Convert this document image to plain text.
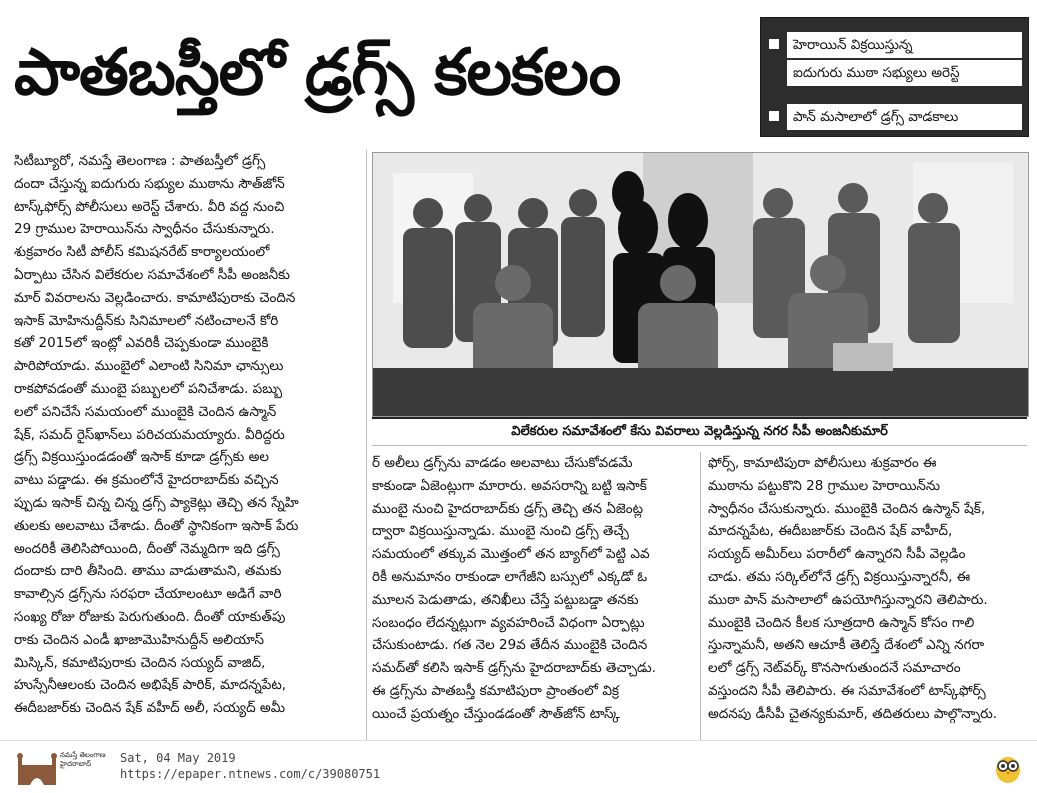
పాతబస్తీలో డ్రగ్స్ కలకలం	హెరాయిన్ విక్రయిస్తున్న
ఐదుగురు ముఠా సభ్యులు అరెస్ట్
పాన్ మసాలాలో డ్రగ్స్ వాడకాలు

సిటీబ్యూరో, నమస్తే తెలంగాణ : పాతబస్తీలో డ్రగ్స్

దందా చేస్తున్న ఐదుగురు సభ్యుల ముఠాను సౌత్‌జోన్

టాస్క్‌ఫోర్స్ పోలీసులు అరెస్ట్ చేశారు. వీరి వద్ద నుంచి

29 గ్రాముల హెరాయిన్‌ను స్వాధీనం చేసుకున్నారు.

శుక్రవారం సిటీ పోలీస్ కమిషనరేట్ కార్యాలయంలో

ఏర్పాటు చేసిన విలేకరుల సమావేశంలో సీపీ అంజనీకు

మార్ వివరాలను వెల్లడించారు. కామాటిపురాకు చెందిన

ఇసాక్ మోహినుద్దీన్‌కు సినిమాలలో నటించాలనే కోరి

కతో 2015లో ఇంట్లో ఎవరికీ చెప్పకుండా ముంబైకి

పారిపోయాడు. ముంబైలో ఎలాంటి సినిమా ఛాన్సులు

రాకపోవడంతో ముంబై పబ్బులలో పనిచేశాడు. పబ్బు

లలో పనిచేసే సమయంలో ముంబైకి చెందిన ఉస్మాన్

షేక్, సమద్ రైస్‌ఖాన్‌లు పరిచయమయ్యారు. వీరిద్దరు

డ్రగ్స్ విక్రయిస్తుండడంతో ఇసాక్ కూడా డ్రగ్స్‌కు అల

వాటు పడ్డాడు. ఈ క్రమంలోనే హైదరాబాద్‌కు వచ్చిన

ప్పుడు ఇసాక్ చిన్న చిన్న డ్రగ్స్ ప్యాకెట్లు తెచ్చి తన స్నేహి

తులకు అలవాటు చేశాడు. దీంతో స్థానికంగా ఇసాక్ పేరు

అందరికీ తెలిసిపోయింది, దీంతో నెమ్మదిగా ఇది డ్రగ్స్

దందాకు దారి తీసింది. తాము వాడుతామని, తమకు

కావాల్సిన డ్రగ్స్‌ను సరఫరా చేయాలంటూ అడిగే వారి

సంఖ్య రోజు రోజుకు పెరుగుతుంది. దీంతో యాకుత్‌పు

రాకు చెందిన ఎండీ ఖాజామొహినుద్దీన్ అలియాస్

మిస్కిన్, కమాటిపురాకు చెందిన సయ్యద్ వాజిద్,

హుస్సేనీఆలంకు చెందిన అభిషేక్ పారిక్, మాదన్నపేట,

ఈదీబజార్‌కు చెందిన షేక్ వహీద్ అలీ, సయ్యద్ అమీ

విలేకరుల సమావేశంలో కేసు వివరాలు వెల్లడిస్తున్న నగర సీపీ అంజనీకుమార్

ర్ అలీలు డ్రగ్స్‌ను వాడడం అలవాటు చేసుకోవడమే

కాకుండా ఏజెంట్లుగా మారారు. అవసరాన్ని బట్టి ఇసాక్

ముంబై నుంచి హైదరాబాద్‌కు డ్రగ్స్ తెచ్చి తన ఏజెంట్ల

ద్వారా విక్రయిస్తున్నాడు. ముంబై నుంచి డ్రగ్స్ తెచ్చే

సమయంలో తక్కువ మొత్తంలో తన బ్యాగ్‌లో పెట్టి ఎవ

రికీ అనుమానం రాకుండా లాగేజీని బస్సులో ఎక్కడో ఓ

మూలన పెడుతాడు, తనిఖీలు చేస్తే పట్టుబడ్డా తనకు

సంబంధం లేదన్నట్లుగా వ్యవహరించే విధంగా ఏర్పాట్లు

చేసుకుంటాడు. గత నెల 29వ తేదీన ముంబైకి చెందిన

సమద్‌తో కలిసి ఇసాక్ డ్రగ్స్‌ను హైదరాబాద్‌కు తెచ్చాడు.

ఈ డ్రగ్స్‌ను పాతబస్తీ కమాటిపురా ప్రాంతంలో విక్ర

యించే ప్రయత్నం చేస్తుండడంతో సౌత్‌జోన్ టాస్క్

ఫోర్స్, కామాటిపురా పోలీసులు శుక్రవారం ఈ

ముఠాను పట్టుకొని 28 గ్రాముల హెరాయిన్‌ను

స్వాధీనం చేసుకున్నారు. ముంబైకి చెందిన ఉస్మాన్ షేక్,

మాదన్నపేట, ఈదీబజార్‌కు చెందిన షేక్ వాహీద్,

సయ్యద్ అమీర్‌లు పరారీలో ఉన్నారని సీపీ వెల్లడిం

చాడు. తమ సర్కిల్‌లోనే డ్రగ్స్ విక్రయిస్తున్నారనీ, ఈ

ముఠా పాన్ మసాలాలో ఉపయోగిస్తున్నారని తెలిపారు.

ముంబైకి చెందిన కీలక సూత్రదారి ఉస్మాన్ కోసం గాలి

స్తున్నామనీ, అతని ఆచూకీ తెలిస్తే దేశంలో ఎన్ని నగరా

లలో డ్రగ్స్ నెట్‌వర్క్ కొనసాగుతుందనే సమాచారం

వస్తుందని సీపీ తెలిపారు. ఈ సమావేశంలో టాస్క్‌ఫోర్స్

అదనపు డీసీపీ చైతన్యకుమార్, తదితరులు పాల్గొన్నారు.

నమస్తే తెలంగాణ హైదరాబాద్	Sat, 04 May 2019
https://epaper.ntnews.com/c/39080751
